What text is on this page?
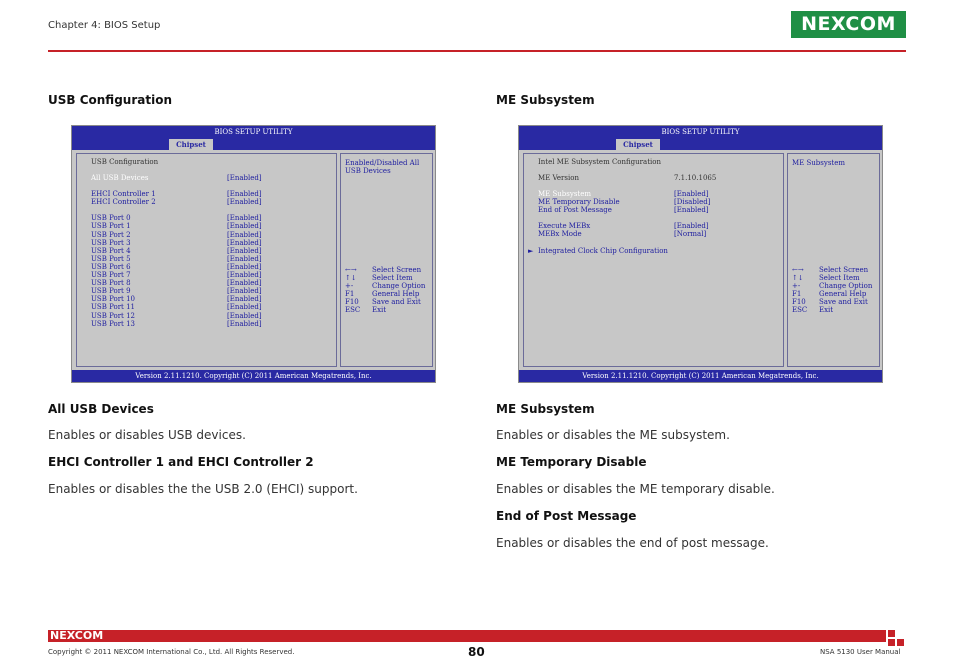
Chapter 4: BIOS Setup	NEXCOM
USB Configuration
BIOS SETUP UTILITY
Chipset
USB Configuration
All USB Devices	[Enabled]
EHCI Controller 1	[Enabled]
EHCI Controller 2	[Enabled]
USB Port 0	[Enabled]
USB Port 1	[Enabled]
USB Port 2	[Enabled]
USB Port 3	[Enabled]
USB Port 4	[Enabled]
USB Port 5	[Enabled]
USB Port 6	[Enabled]
USB Port 7	[Enabled]
USB Port 8	[Enabled]
USB Port 9	[Enabled]
USB Port 10	[Enabled]
USB Port 11	[Enabled]
USB Port 12	[Enabled]
USB Port 13	[Enabled]
Enabled/Disabled All
USB Devices
←→ Select Screen
↑↓ Select Item
+-	Change Option
F1	General Help
F10 Save and Exit
ESC Exit
Version 2.11.1210. Copyright (C) 2011 American Megatrends, Inc.
All USB Devices
Enables or disables USB devices.
EHCI Controller 1 and EHCI Controller 2
Enables or disables the the USB 2.0 (EHCI) support.
ME Subsystem
BIOS SETUP UTILITY
Chipset
Intel ME Subsystem Configuration
ME Version	7.1.10.1065
ME Subsystem	[Enabled]
ME Temporary Disable	[Disabled]
End of Post Message	[Enabled]
Execute MEBx	[Enabled]
MEBx Mode	[Normal]
► Integrated Clock Chip Configuration
ME Subsystem
←→ Select Screen
↑↓ Select Item
+-	Change Option
F1	General Help
F10 Save and Exit
ESC Exit
Version 2.11.1210. Copyright (C) 2011 American Megatrends, Inc.
ME Subsystem
Enables or disables the ME subsystem.
ME Temporary Disable
Enables or disables the ME temporary disable.
End of Post Message
Enables or disables the end of post message.
NEXCOM
Copyright © 2011 NEXCOM International Co., Ltd. All Rights Reserved.	80	NSA 5130 User Manual
